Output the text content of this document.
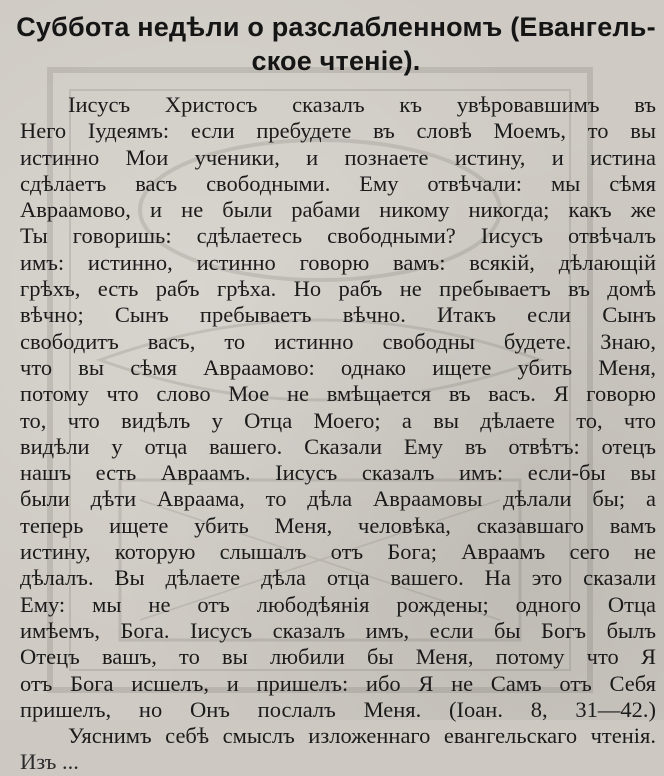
Суббота недѣли о разслабленномъ (Евангель-
ское чтеніе).
Іисусъ Христосъ сказалъ къ увѣровавшимъ въ
Него Іудеямъ: если пребудете въ словѣ Моемъ, то вы
истинно Мои ученики, и познаете истину, и истина
сдѣлаетъ васъ свободными. Ему отвѣчали: мы сѣмя
Авраамово, и не были рабами никому никогда; какъ же
Ты говоришь: сдѣлаетесь свободными? Іисусъ отвѣчалъ
имъ: истинно, истинно говорю вамъ: всякій, дѣлающій
грѣхъ, есть рабъ грѣха. Но рабъ не пребываетъ въ домѣ
вѣчно; Сынъ пребываетъ вѣчно. Итакъ если Сынъ
свободитъ васъ, то истинно свободны будете. Знаю,
что вы сѣмя Авраамово: однако ищете убить Меня,
потому что слово Мое не вмѣщается въ васъ. Я говорю
то, что видѣлъ у Отца Моего; а вы дѣлаете то, что
видѣли у отца вашего. Сказали Ему въ отвѣтъ: отецъ
нашъ есть Авраамъ. Іисусъ сказалъ имъ: если-бы вы
были дѣти Авраама, то дѣла Авраамовы дѣлали бы; а
теперь ищете убить Меня, человѣка, сказавшаго вамъ
истину, которую слышалъ отъ Бога; Авраамъ сего не
дѣлалъ. Вы дѣлаете дѣла отца вашего. На это сказали
Ему: мы не отъ любодѣянія рождены; одного Отца
имѣемъ, Бога. Іисусъ сказалъ имъ, если бы Богъ былъ
Отецъ вашъ, то вы любили бы Меня, потому что Я
отъ Бога исшелъ, и пришелъ: ибо Я не Самъ отъ Себя
пришелъ, но Онъ послалъ Меня. (Іоан. 8, 31—42.)
Уяснимъ себѣ смыслъ изложеннаго евангельскаго чтенія.
Изъ ...
